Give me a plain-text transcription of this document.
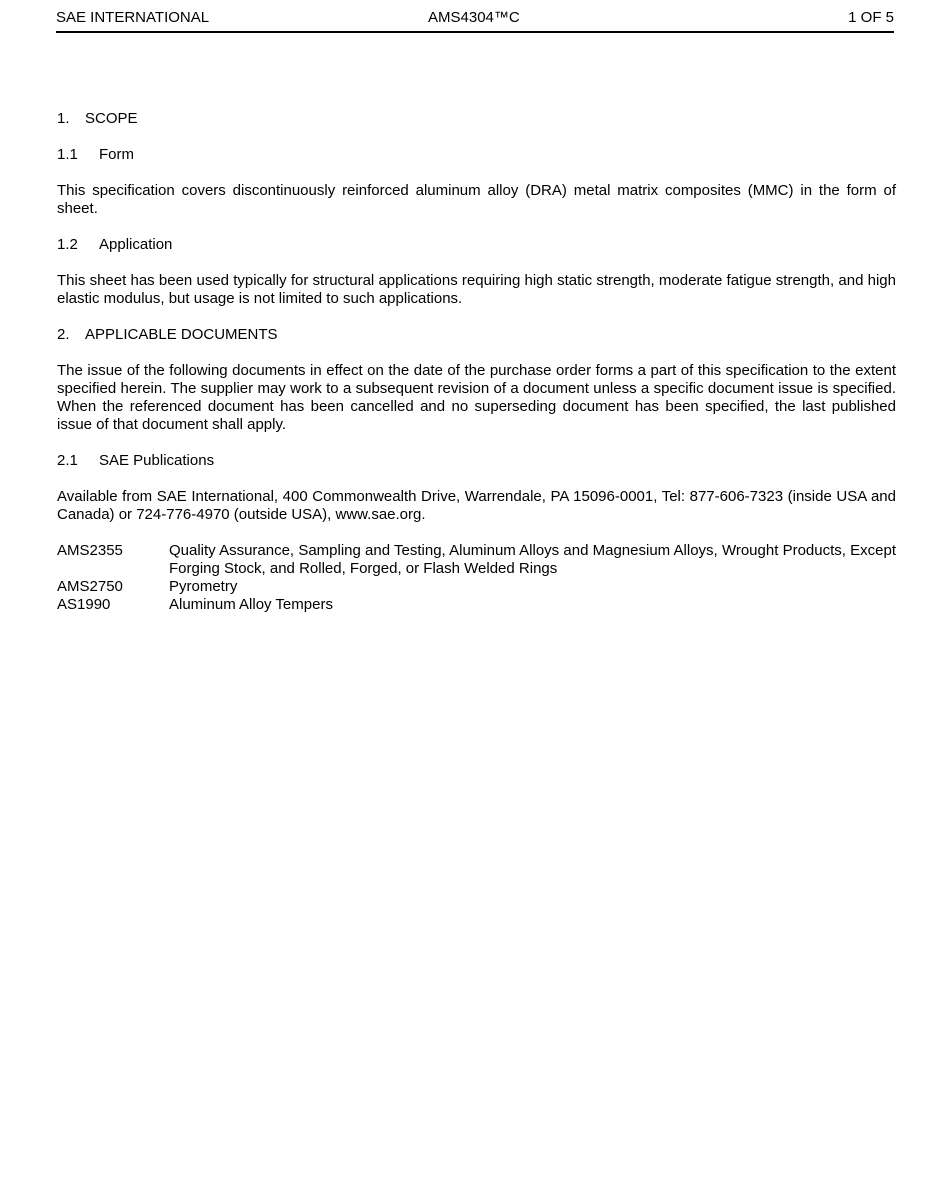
SAE INTERNATIONAL	AMS4304™C	1 OF 5
1. SCOPE
1.1 Form

This specification covers discontinuously reinforced aluminum alloy (DRA) metal matrix composites (MMC) in the form of sheet.

1.2 Application

This sheet has been used typically for structural applications requiring high static strength, moderate fatigue strength, and high elastic modulus, but usage is not limited to such applications.

2. APPLICABLE DOCUMENTS

The issue of the following documents in effect on the date of the purchase order forms a part of this specification to the extent specified herein. The supplier may work to a subsequent revision of a document unless a specific document issue is specified. When the referenced document has been cancelled and no superseding document has been specified, the last published issue of that document shall apply.

2.1 SAE Publications

Available from SAE International, 400 Commonwealth Drive, Warrendale, PA 15096-0001, Tel: 877-606-7323 (inside USA and Canada) or 724-776-4970 (outside USA), www.sae.org.

AMS2355	Quality Assurance, Sampling and Testing, Aluminum Alloys and Magnesium Alloys, Wrought Products, Except Forging Stock, and Rolled, Forged, or Flash Welded Rings
AMS2750	Pyrometry
AS1990	Aluminum Alloy Tempers
